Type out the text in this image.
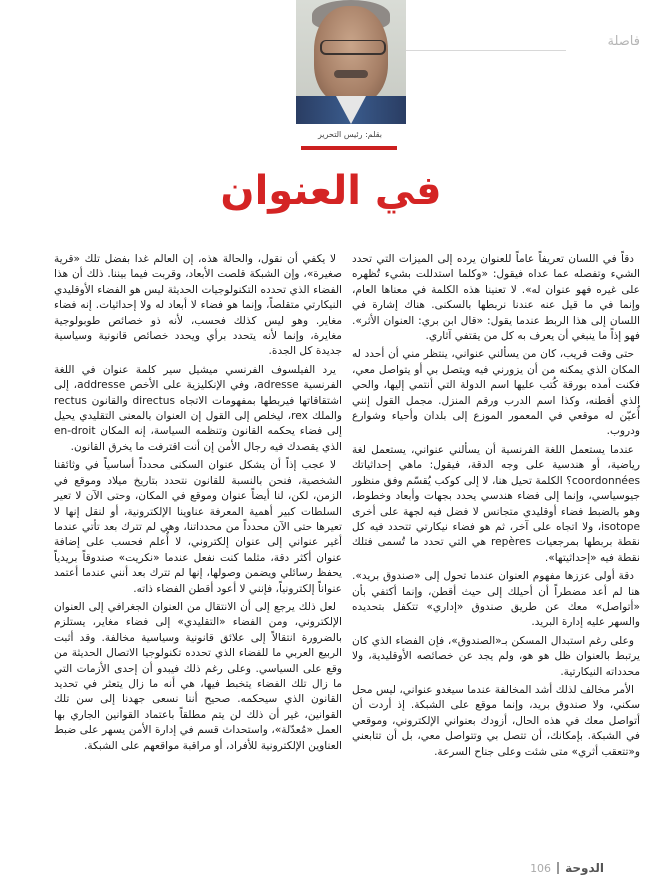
فاصلة
بقلم: رئيس التحرير
في العنوان

دقاً في اللسان تعريفاً عاماً للعنوان يرده إلى الميزات التي تحدد الشيء وتفصله عما عداه فيقول: «وكلما استدللت بشيء تُظهره على غيره فهو عنوان له». لا تعنينا هذه الكلمة في معناها العام، وإنما في ما قيل عنه عندنا نربطها بالسكنى. هناك إشارة في اللسان إلى هذا الربط عندما يقول: «قال ابن بري: العنوان الأثر». فهو إذاً ما ينبغي أن يعرف به كل من يقتفي آثاري.

حتى وقت قريب، كان من يسألني عنواني، ينتظر مني أن أحدد له المكان الذي يمكنه من أن يزورني فيه ويتصل بي أو يتواصل معي، فكنت أمده بورقة كُتب عليها اسم الدولة التي أنتمي إليها، والحي الذي أقطنه، وكذا اسم الدرب ورقم المنزل. مجمل القول إنني أُعيّن له موقعي في المعمور الموزع إلى بلدان وأحياء وشوارع ودروب.

عندما يستعمل اللغة الفرنسية أن يسألني عنواني، يستعمل لغة رياضية، أو هندسية على وجه الدقة، فيقول: ماهي إحداثياتك coordonnées؟ الكلمة تحيل هنا، لا إلى كوكب يُقسّم وفق منظور جيوسياسي، وإنما إلى فضاء هندسي يحدد بجهات وأبعاد وخطوط، وهو بالضبط فضاء أوقليدي متجانس لا فضل فيه لجهة على أخرى isotope، ولا اتجاه على آخر، ثم هو فضاء نيكارتي تتحدد فيه كل نقطة بربطها بمرجعيات repères هي التي تحدد ما تُسمى فتلك نقطة فيه «إحداثيتها».

دقة أولى عززها مفهوم العنوان عندما تحول إلى «صندوق بريد». هنا لم أعد مضطراً أن أحيلك إلى حيث أقطن، وإنما أكتفي بأن «أتواصل» معك عن طريق صندوق «إداري» تتكفل بتحديده والسهر عليه إدارة البريد.

وعلى رغم استبدال المسكن بـ«الصندوق»، فإن الفضاء الذي كان يرتبط بالعنوان ظل هو هو، ولم يجد عن خصائصه الأوقليدية، ولا محدداته النيكارتية.

الأمر مخالف لذلك أشد المخالفة عندما سيغدو عنواني، ليس محل سكني، ولا صندوق بريد، وإنما موقع على الشبكة. إذ أردت أن أتواصل معك في هذه الحال، أزودك بعنواني الإلكتروني، وموقعي في الشبكة. بإمكانك، أن تتصل بي وتتواصل معي، بل أن تتابعني و«تتعقب أثري» متى شئت وعلى جناح السرعة.

لا يكفي أن نقول، والحالة هذه، إن العالم غدا بفضل تلك «قرية صغيرة»، وإن الشبكة قلصت الأبعاد، وقربت فيما بيننا. ذلك أن هذا الفضاء الذي تحدده التكنولوجيات الحديثة ليس هو الفضاء الأوقليدي النيكارتي متقلصاً، وإنما هو فضاء لا أبعاد له ولا إحداثيات. إنه فضاء مغاير. وهو ليس كذلك فحسب، لأنه ذو خصائص طوبولوجية مغايرة، وإنما لأنه يتحدد برأي ويحدد خصائص قانونية وسياسية جديدة كل الجدة.

يرد الفيلسوف الفرنسي ميشيل سير كلمة عنوان في اللغة الفرنسية adresse، وفي الإنكليزية على الأخص addresse، إلى اشتقاقاتها فيربطها بمفهومات الاتجاه directus والقانون rectus والملك rex، ليخلص إلى القول إن العنوان بالمعنى التقليدي يحيل إلى فضاء يحكمه القانون وتنظمه السياسة، إنه المكان en-droit الذي يقصدك فيه رجال الأمن إن أنت اقترفت ما يخرق القانون.

لا عجب إذاً أن يشكل عنوان السكنى محدداً أساسياً في وثائقنا الشخصية، فنحن بالنسبة للقانون نتحدد بتاريخ ميلاد وموقع في الزمن، لكن، لنا أيضاً عنوان وموقع في المكان، وحتى الآن لا تعير السلطات كبير أهمية المعرفة عناوينا الإلكترونية، أو لنقل إنها لا تعيرها حتى الآن محدداً من محدداتنا، وهي لم تترك بعد تأتي عندما أغير عنواني إلى عنوان إلكتروني، لا أُعلم فحسب على إضافة عنوان أكثر دقة، مثلما كنت نفعل عندما «نكريت» صندوقاً بريدياً يحفظ رسائلي ويضمن وصولها، إنها لم تترك بعد أنني عندما أعتمد عنواناً إلكترونياً، فإنني لا أعود أقطن الفضاء ذاته.

لعل ذلك يرجع إلى أن الانتقال من العنوان الجغرافي إلى العنوان الإلكتروني، ومن الفضاء «التقليدي» إلى فضاء مغاير، يستلزم بالضرورة انتقالاً إلى علائق قانونية وسياسية مخالفة. وقد أثبت الربيع العربي ما للفضاء الذي تحدده تكنولوجيا الاتصال الحديثة من وقع على السياسي. وعلى رغم ذلك فيبدو أن إحدى الأزمات التي ما زال تلك الفضاء يتخبط فيها، هي أنه ما زال يتعثر في تحديد القانون الذي سيحكمه. صحيح أننا نسعى جهدنا إلى سن تلك القوانين، غير أن ذلك لن يتم مطلقاً باعتماد القوانين الجاري بها العمل «مُعدّلة»، واستحداث قسم في إدارة الأمن يسهر على ضبط العناوين الإلكترونية للأفراد، أو مراقبة مواقعهم على الشبكة.

الدوحة
106
